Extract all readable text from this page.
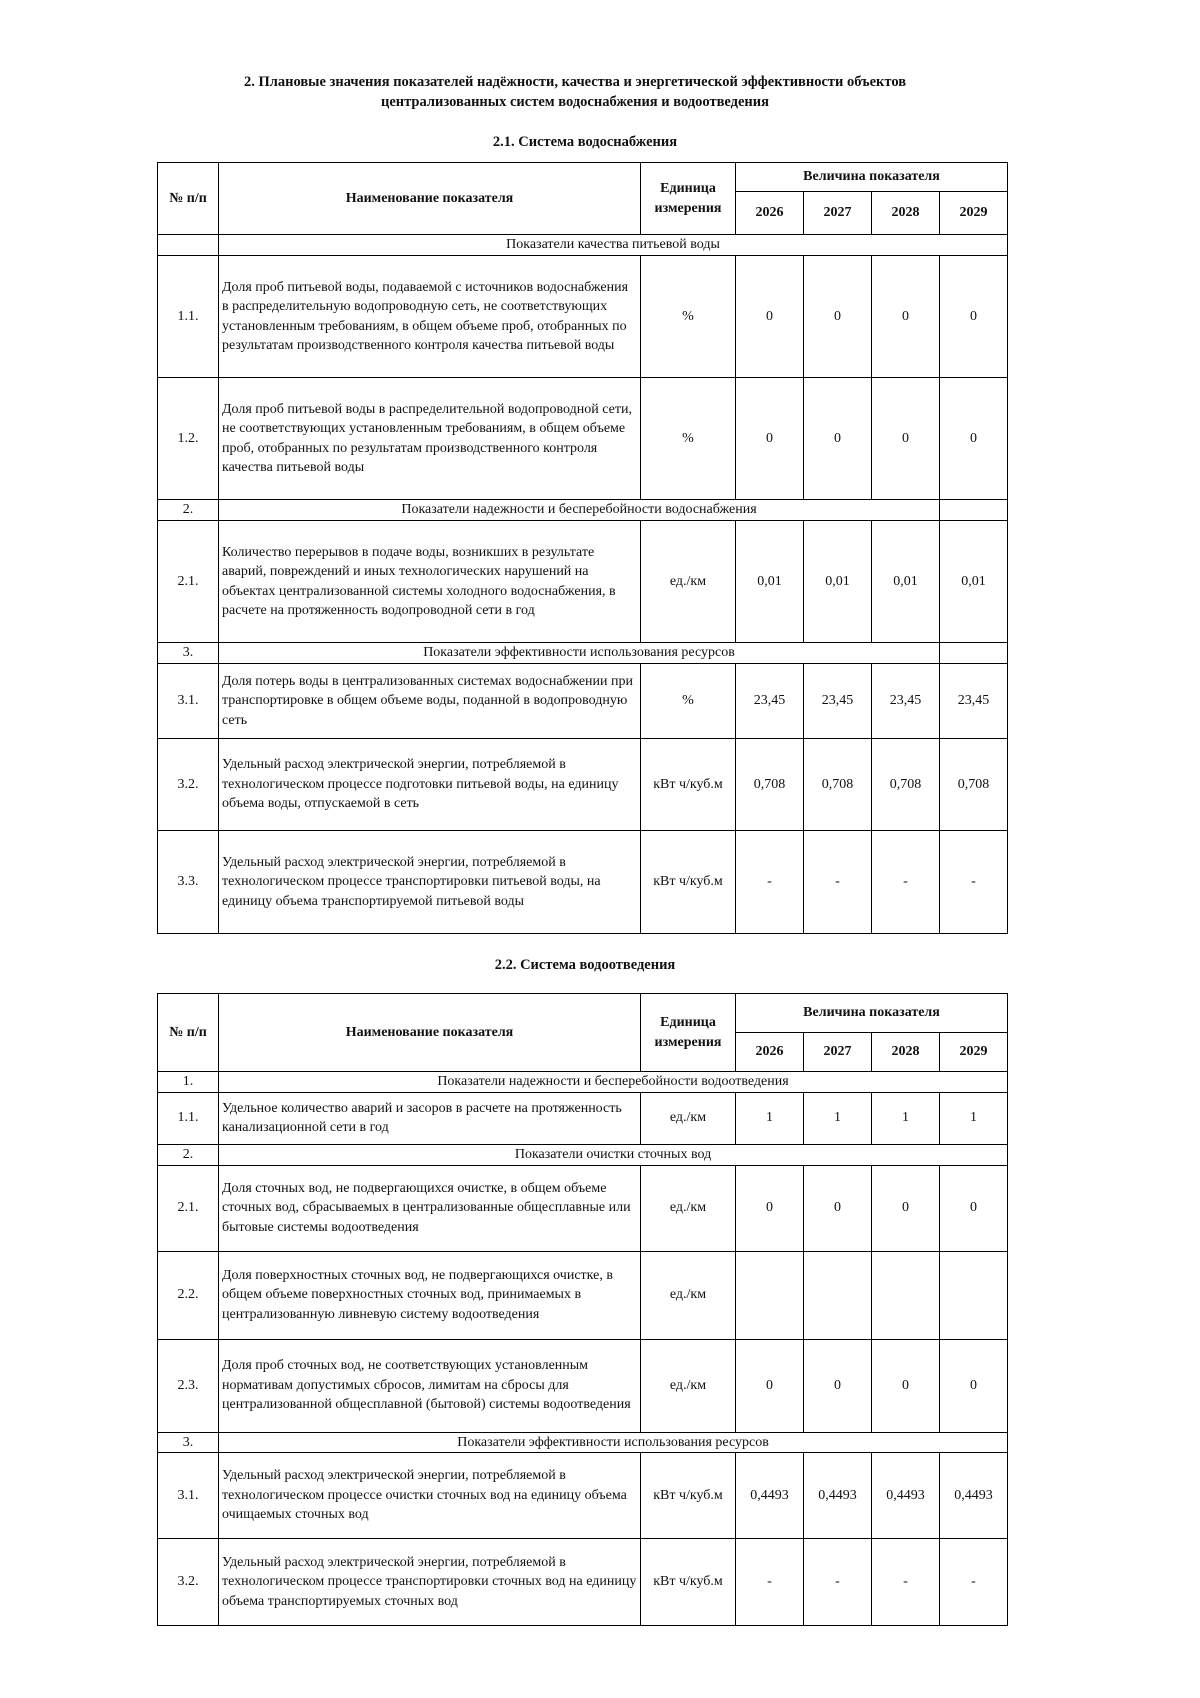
2. Плановые значения показателей надёжности, качества и энергетической эффективности объектов
централизованных систем водоснабжения и водоотведения
2.1. Система водоснабжения
№ п/п	Наименование показателя	Единица
измерения	Величина показателя			
			2026	2027	2028	2029
	Показатели качества питьевой воды					
1.1.	Доля проб питьевой воды, подаваемой с источников водоснабжения в распределительную водопроводную сеть, не соответствующих установленным требованиям, в общем объеме проб, отобранных по результатам производственного контроля качества питьевой воды	%	0	0	0	0
1.2.	Доля проб питьевой воды в распределительной водопроводной сети, не соответствующих установленным требованиям, в общем объеме проб, отобранных по результатам производственного контроля качества питьевой воды	%	0	0	0	0
2.	Показатели надежности и бесперебойности водоснабжения					
2.1.	Количество перерывов в подаче воды, возникших в результате аварий, повреждений и иных технологических нарушений на объектах централизованной системы холодного водоснабжения, в расчете на протяженность водопроводной сети в год	ед./км	0,01	0,01	0,01	0,01
3.	Показатели эффективности использования ресурсов					
3.1.	Доля потерь воды в централизованных системах водоснабжении при транспортировке в общем объеме воды, поданной в водопроводную сеть	%	23,45	23,45	23,45	23,45
3.2.	Удельный расход электрической энергии, потребляемой в технологическом процессе подготовки питьевой воды, на единицу объема воды, отпускаемой в сеть	кВт ч/куб.м	0,708	0,708	0,708	0,708
3.3.	Удельный расход электрической энергии, потребляемой в технологическом процессе транспортировки питьевой воды, на единицу объема транспортируемой питьевой воды	кВт ч/куб.м	-	-	-	-
2.2. Система водоотведения
№ п/п	Наименование показателя	Единица
измерения	Величина показателя			
			2026	2027	2028	2029
1.	Показатели надежности и бесперебойности водоотведения					
1.1.	Удельное количество аварий и засоров в расчете на протяженность канализационной сети в год	ед./км	1	1	1	1
2.	Показатели очистки сточных вод					
2.1.	Доля сточных вод, не подвергающихся очистке, в общем объеме сточных вод, сбрасываемых в централизованные общесплавные или бытовые системы водоотведения	ед./км	0	0	0	0
2.2.	Доля поверхностных сточных вод, не подвергающихся очистке, в общем объеме поверхностных сточных вод, принимаемых в централизованную ливневую систему водоотведения	ед./км				
2.3.	Доля проб сточных вод, не соответствующих установленным нормативам допустимых сбросов, лимитам на сбросы для централизованной общесплавной (бытовой) системы водоотведения	ед./км	0	0	0	0
3.	Показатели эффективности использования ресурсов					
3.1.	Удельный расход электрической энергии, потребляемой в технологическом процессе очистки сточных вод на единицу объема очищаемых сточных вод	кВт ч/куб.м	0,4493	0,4493	0,4493	0,4493
3.2.	Удельный расход электрической энергии, потребляемой в технологическом процессе транспортировки сточных вод на единицу объема транспортируемых сточных вод	кВт ч/куб.м	-	-	-	-
